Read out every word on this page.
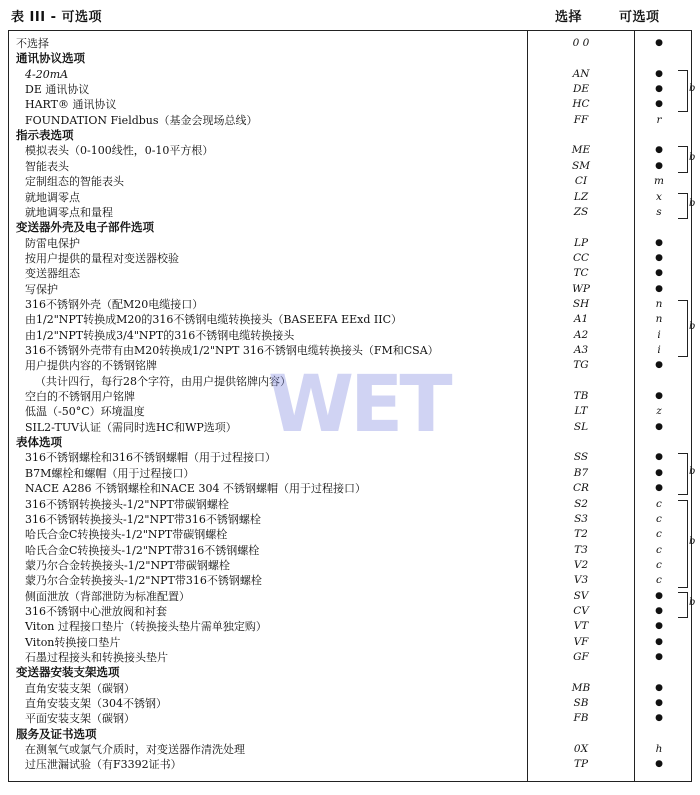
表 III - 可选项	选择	可选项
不选择	0 0	●
通讯协议选项
4-20mA	AN	●
DE 通讯协议	DE	●
HART® 通讯协议	HC	●
FOUNDATION Fieldbus（基金会现场总线）	FF	r
指示表选项
模拟表头（0-100线性，0-10平方根）	ME	●
智能表头	SM	●
定制组态的智能表头	CI	m
就地调零点	LZ	x
就地调零点和量程	ZS	s
变送器外壳及电子部件选项
防雷电保护	LP	●
按用户提供的量程对变送器校验	CC	●
变送器组态	TC	●
写保护	WP	●
316不锈钢外壳（配M20电缆接口）	SH	n
由1/2"NPT转换成M20的316不锈钢电缆转换接头（BASEEFA EExd IIC）	A1	n
由1/2"NPT转换成3/4"NPT的316不锈钢电缆转换接头	A2	i
316不锈钢外壳带有由M20转换成1/2"NPT 316不锈钢电缆转换接头（FM和CSA）	A3	i
用户提供内容的不锈钢铭牌	TG	●
（共计四行，每行28个字符，由用户提供铭牌内容）
空白的不锈钢用户铭牌	TB	●
低温（-50°C）环境温度	LT	z
SIL2-TUV认证（需同时选HC和WP选项）	SL	●
表体选项
316不锈钢螺栓和316不锈钢螺帽（用于过程接口）	SS	●
B7M螺栓和螺帽（用于过程接口）	B7	●
NACE A286 不锈钢螺栓和NACE 304 不锈钢螺帽（用于过程接口）	CR	●
316不锈钢转换接头-1/2"NPT带碳钢螺栓	S2	c
316不锈钢转换接头-1/2"NPT带316不锈钢螺栓	S3	c
哈氏合金C转换接头-1/2"NPT带碳钢螺栓	T2	c
哈氏合金C转换接头-1/2"NPT带316不锈钢螺栓	T3	c
蒙乃尔合金转换接头-1/2"NPT带碳钢螺栓	V2	c
蒙乃尔合金转换接头-1/2"NPT带316不锈钢螺栓	V3	c
侧面泄放（背部泄防为标准配置）	SV	●
316不锈钢中心泄放阀和衬套	CV	●
Viton 过程接口垫片（转换接头垫片需单独定购）	VT	●
Viton转换接口垫片	VF	●
石墨过程接头和转换接头垫片	GF	●
变送器安装支架选项
直角安装支架（碳钢）	MB	●
直角安装支架（304不锈钢）	SB	●
平面安装支架（碳钢）	FB	●
服务及证书选项
在测氧气或氯气介质时，对变送器作清洗处理	0X	h
过压泄漏试验（有F3392证书）	TP	●
b
b
b
b
b
b
b
WET
